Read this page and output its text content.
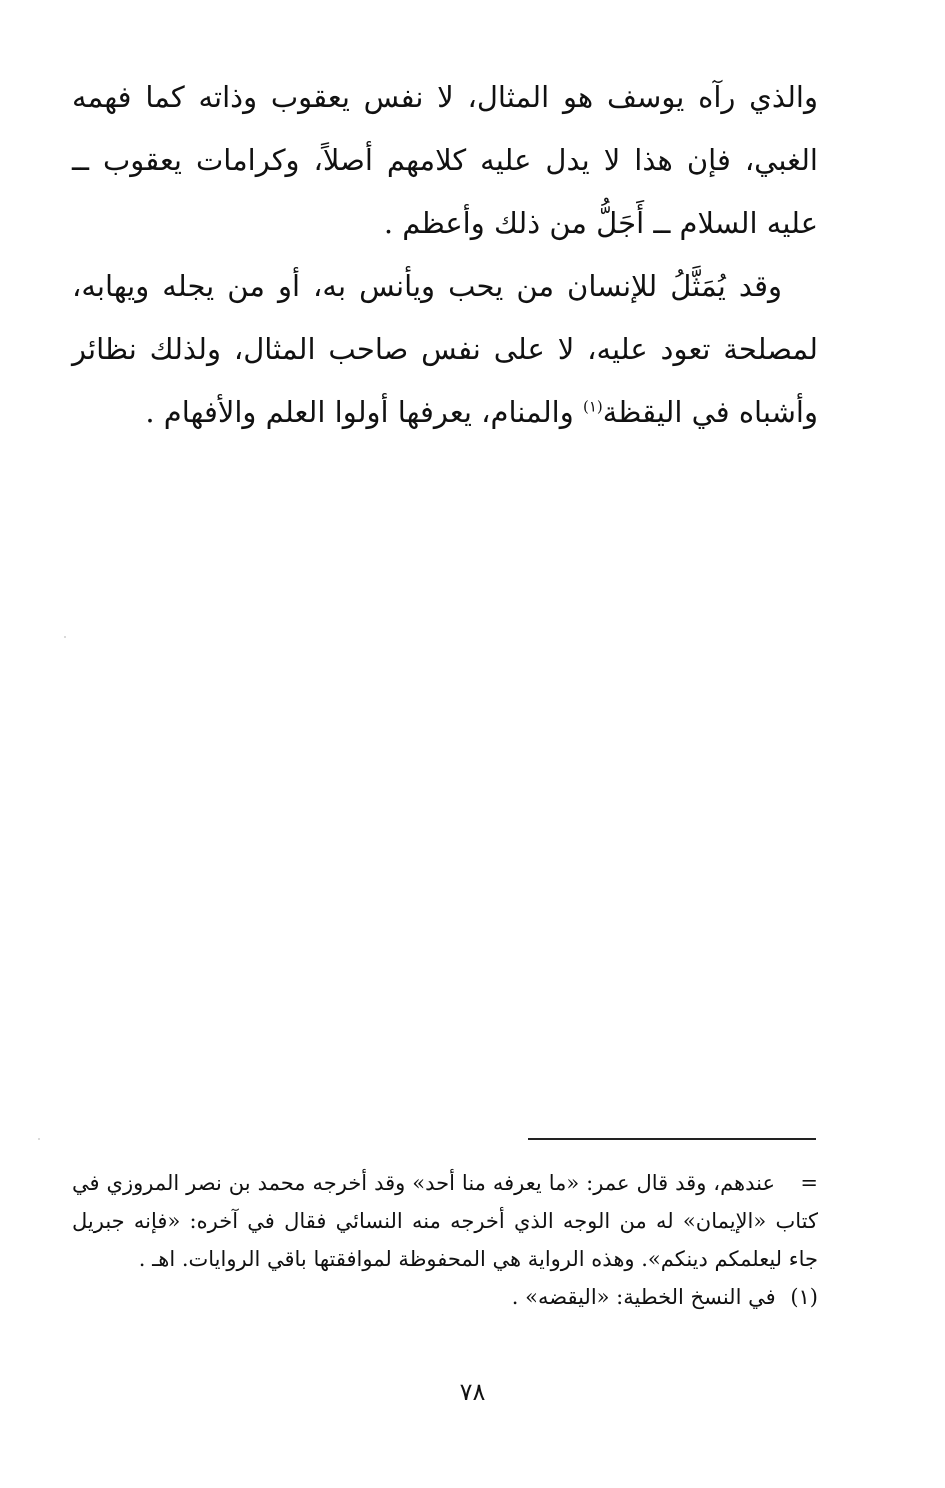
والذي رآه يوسف هو المثال، لا نفس يعقوب وذاته كما فهمه الغبي، فإن هذا لا يدل عليه كلامهم أصلاً، وكرامات يعقوب ــ عليه السلام ــ أَجَلُّ من ذلك وأعظم .

وقد يُمَثَّلُ للإنسان من يحب ويأنس به، أو من يجله ويهابه، لمصلحة تعود عليه، لا على نفس صاحب المثال، ولذلك نظائر وأشباه في اليقظة$^{(١)}$ والمنام، يعرفها أولوا العلم والأفهام .

= عندهم، وقد قال عمر: «ما يعرفه منا أحد» وقد أخرجه محمد بن نصر المروزي في كتاب «الإيمان» له من الوجه الذي أخرجه منه النسائي فقال في آخره: «فإنه جبريل جاء ليعلمكم دينكم». وهذه الرواية هي المحفوظة لموافقتها باقي الروايات. اهـ .

(١) في النسخ الخطية: «اليقضه» .

٧٨
